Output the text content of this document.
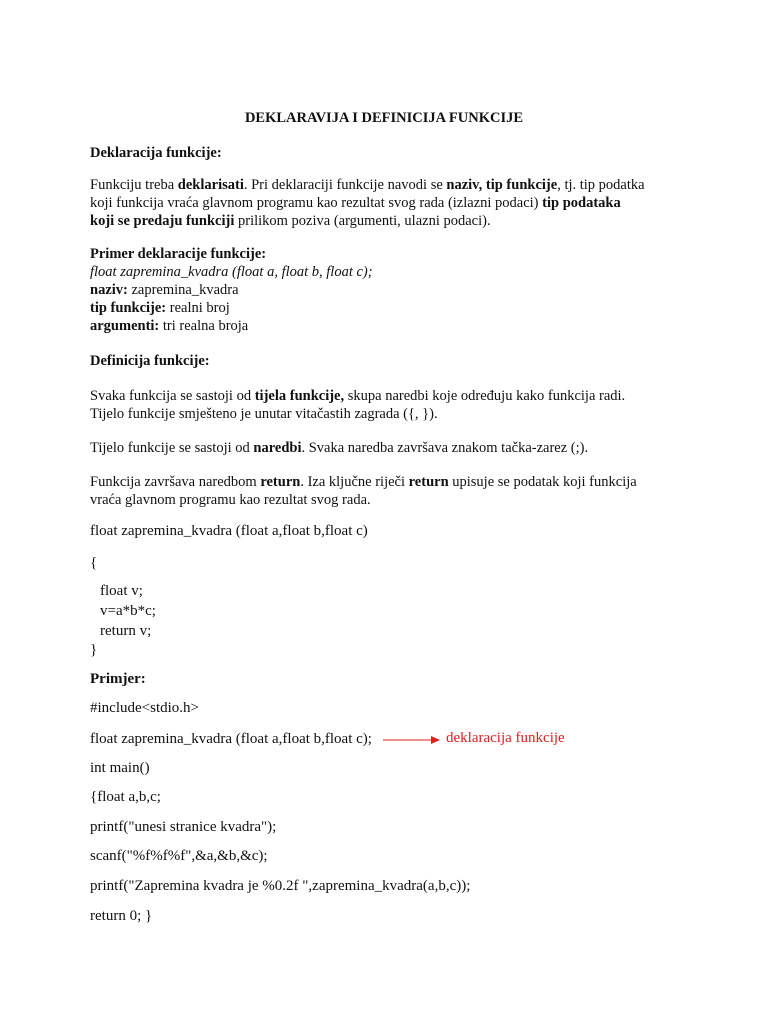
DEKLARAVIJA I DEFINICIJA FUNKCIJE

Deklaracija funkcije:

Funkciju treba deklarisati. Pri deklaraciji funkcije navodi se naziv, tip funkcije, tj. tip podatka

koji funkcija vraća glavnom programu kao rezultat svog rada (izlazni podaci) tip podataka

koji se predaju funkciji prilikom poziva (argumenti, ulazni podaci).

Primer deklaracije funkcije:

float zapremina_kvadra (float a, float b, float c);

naziv: zapremina_kvadra

tip funkcije: realni broj

argumenti: tri realna broja

Definicija funkcije:

Svaka funkcija se sastoji od tijela funkcije, skupa naredbi koje određuju kako funkcija radi.

Tijelo funkcije smješteno je unutar vitačastih zagrada ({, }).

Tijelo funkcije se sastoji od naredbi. Svaka naredba završava znakom tačka-zarez (;).

Funkcija završava naredbom return. Iza ključne riječi return upisuje se podatak koji funkcija

vraća glavnom programu kao rezultat svog rada.

float zapremina_kvadra (float a,float b,float c)
{

float v;

v=a*b*c;

return v;

}
Primjer:
#include<stdio.h>
float zapremina_kvadra (float a,float b,float c);	deklaracija funkcije
int main()
{float a,b,c;
printf("unesi stranice kvadra");
scanf("%f%f%f",&a,&b,&c);
printf("Zapremina kvadra je %0.2f ",zapremina_kvadra(a,b,c));
return 0; }
